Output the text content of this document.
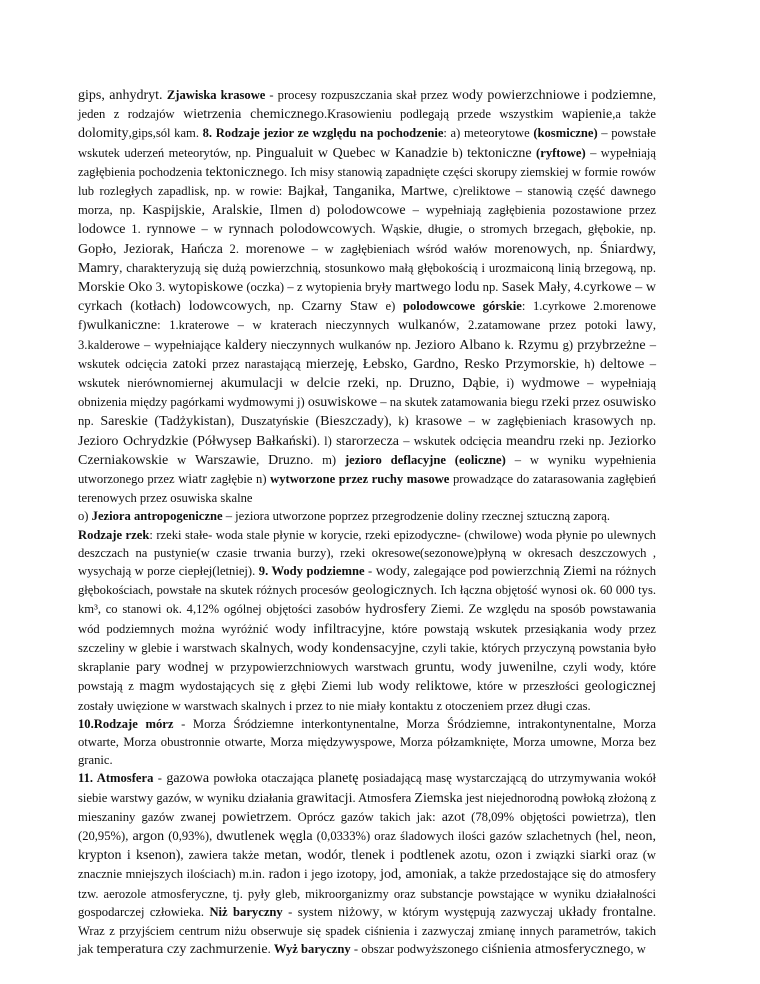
gips, anhydryt. Zjawiska krasowe - procesy rozpuszczania skał przez wody powierzchniowe i podziemne, jeden z rodzajów wietrzenia chemicznego.Krasowieniu podlegają przede wszystkim wapienie,a także dolomity,gips,sól kam. 8. Rodzaje jezior ze względu na pochodzenie: a) meteorytowe (kosmiczne) – powstałe wskutek uderzeń meteorytów, np. Pingualuit w Quebec w Kanadzie b) tektoniczne (ryftowe) – wypełniają zagłębienia pochodzenia tektonicznego. Ich misy stanowią zapadnięte części skorupy ziemskiej w formie rowów lub rozległych zapadlisk, np. w rowie: Bajkał, Tanganika, Martwe, c)reliktowe – stanowią część dawnego morza, np. Kaspijskie, Aralskie, Ilmen d) polodowcowe – wypełniają zagłębienia pozostawione przez lodowce 1. rynnowe – w rynnach polodowcowych. Wąskie, długie, o stromych brzegach, głębokie, np. Gopło, Jeziorak, Hańcza 2. morenowe – w zagłębieniach wśród wałów morenowych, np. Śniardwy, Mamry, charakteryzują się dużą powierzchnią, stosunkowo małą głębokością i urozmaiconą linią brzegową, np. Morskie Oko 3. wytopiskowe (oczka) – z wytopienia bryły martwego lodu np. Sasek Mały, 4.cyrkowe – w cyrkach (kotłach) lodowcowych, np. Czarny Staw e) polodowcowe górskie: 1.cyrkowe 2.morenowe f)wulkaniczne: 1.kraterowe – w kraterach nieczynnych wulkanów, 2.zatamowane przez potoki lawy, 3.kalderowe – wypełniające kaldery nieczynnych wulkanów np. Jezioro Albano k. Rzymu g) przybrzeżne – wskutek odcięcia zatoki przez narastającą mierzeję, Łebsko, Gardno, Resko Przymorskie, h) deltowe – wskutek nierównomiernej akumulacji w delcie rzeki, np. Druzno, Dąbie, i) wydmowe – wypełniają obnizenia między pagórkami wydmowymi j) osuwiskowe – na skutek zatamowania biegu rzeki przez osuwisko np. Sareskie (Tadżykistan), Duszatyńskie (Bieszczady), k) krasowe – w zagłębieniach krasowych np. Jezioro Ochrydzkie (Półwysep Bałkański). l) starorzecza – wskutek odcięcia meandru rzeki np. Jeziorko Czerniakowskie w Warszawie, Druzno. m) jezioro deflacyjne (eoliczne) – w wyniku wypełnienia utworzonego przez wiatr zagłębie n) wytworzone przez ruchy masowe prowadzące do zatarasowania zagłębień terenowych przez osuwiska skalne

o) Jeziora antropogeniczne – jeziora utworzone poprzez przegrodzenie doliny rzecznej sztuczną zaporą.

Rodzaje rzek: rzeki stałe- woda stale płynie w korycie, rzeki epizodyczne- (chwilowe) woda płynie po ulewnych deszczach na pustynie(w czasie trwania burzy), rzeki okresowe(sezonowe)płyną w okresach deszczowych , wysychają w porze ciepłej(letniej). 9. Wody podziemne - wody, zalegające pod powierzchnią Ziemi na różnych głębokościach, powstałe na skutek różnych procesów geologicznych. Ich łączna objętość wynosi ok. 60 000 tys. km³, co stanowi ok. 4,12% ogólnej objętości zasobów hydrosfery Ziemi. Ze względu na sposób powstawania wód podziemnych można wyróżnić wody infiltracyjne, które powstają wskutek przesiąkania wody przez szczeliny w glebie i warstwach skalnych, wody kondensacyjne, czyli takie, których przyczyną powstania było skraplanie pary wodnej w przypowierzchniowych warstwach gruntu, wody juwenilne, czyli wody, które powstają z magm wydostających się z głębi Ziemi lub wody reliktowe, które w przeszłości geologicznej zostały uwięzione w warstwach skalnych i przez to nie miały kontaktu z otoczeniem przez długi czas.

10.Rodzaje mórz - Morza Śródziemne interkontynentalne, Morza Śródziemne, intrakontynentalne, Morza otwarte, Morza obustronnie otwarte, Morza międzywyspowe, Morza półzamknięte, Morza umowne, Morza bez granic.

11. Atmosfera - gazowa powłoka otaczająca planetę posiadającą masę wystarczającą do utrzymywania wokół siebie warstwy gazów, w wyniku działania grawitacji. Atmosfera Ziemska jest niejednorodną powłoką złożoną z mieszaniny gazów zwanej powietrzem. Oprócz gazów takich jak: azot (78,09% objętości powietrza), tlen (20,95%), argon (0,93%), dwutlenek węgla (0,0333%) oraz śladowych ilości gazów szlachetnych (hel, neon, krypton i ksenon), zawiera także metan, wodór, tlenek i podtlenek azotu, ozon i związki siarki oraz (w znacznie mniejszych ilościach) m.in. radon i jego izotopy, jod, amoniak, a także przedostające się do atmosfery tzw. aerozole atmosferyczne, tj. pyły gleb, mikroorganizmy oraz substancje powstające w wyniku działalności gospodarczej człowieka. Niż baryczny - system niżowy, w którym występują zazwyczaj układy frontalne. Wraz z przyjściem centrum niżu obserwuje się spadek ciśnienia i zazwyczaj zmianę innych parametrów, takich jak temperatura czy zachmurzenie. Wyż baryczny - obszar podwyższonego ciśnienia atmosferycznego, w
